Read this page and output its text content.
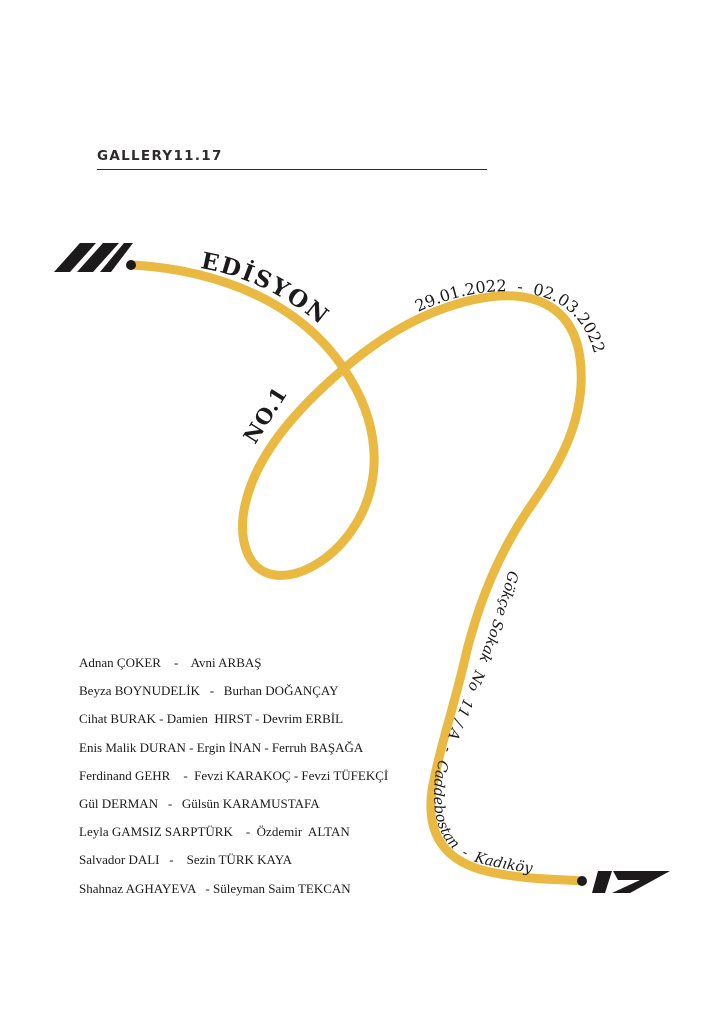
GALLERY11.17
EDİSYON
NO.1
29.01.2022  -  02.03.2022
Gökçe Sokak  No  11 / A  -  Caddebostan  -  Kadıköy
Adnan ÇOKER    -    Avni ARBAŞ
Beyza BOYNUDELİK   -   Burhan DOĞANÇAY
Cihat BURAK - Damien  HIRST - Devrim ERBİL
Enis Malik DURAN - Ergin İNAN - Ferruh BAŞAĞA
Ferdinand GEHR    -  Fevzi KARAKOÇ - Fevzi TÜFEKÇİ
Gül DERMAN   -   Gülsün KARAMUSTAFA
Leyla GAMSIZ SARPTÜRK    -  Özdemir  ALTAN
Salvador DALI   -    Sezin TÜRK KAYA
Shahnaz AGHAYEVA   - Süleyman Saim TEKCAN
